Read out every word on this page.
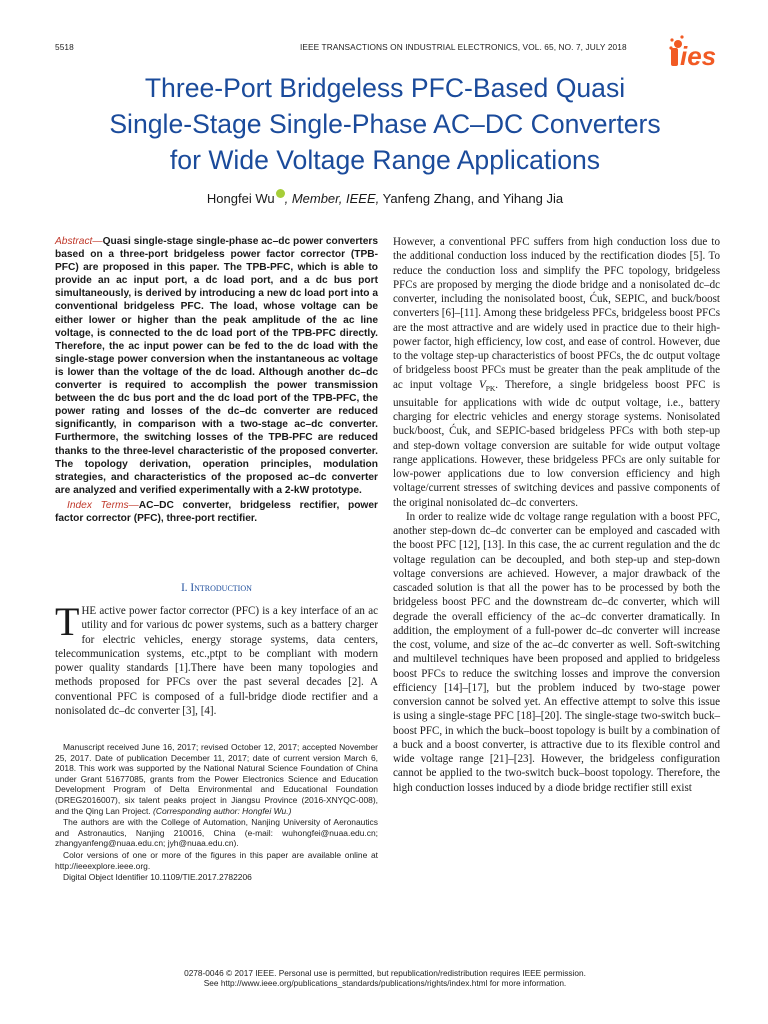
5518	IEEE TRANSACTIONS ON INDUSTRIAL ELECTRONICS, VOL. 65, NO. 7, JULY 2018 ies
Three-Port Bridgeless PFC-Based Quasi
Single-Stage Single-Phase AC–DC Converters
for Wide Voltage Range Applications
Hongfei Wu , Member, IEEE, Yanfeng Zhang, and Yihang Jia

Abstract—Quasi single-stage single-phase ac–dc power converters based on a three-port bridgeless power factor corrector (TPB-PFC) are proposed in this paper. The TPB-PFC, which is able to provide an ac input port, a dc load port, and a dc bus port simultaneously, is derived by introducing a new dc load port into a conventional bridgeless PFC. The load, whose voltage can be either lower or higher than the peak amplitude of the ac line voltage, is connected to the dc load port of the TPB-PFC directly. Therefore, the ac input power can be fed to the dc load with the single-stage power conversion when the instantaneous ac voltage is lower than the voltage of the dc load. Although another dc–dc converter is required to accomplish the power transmission between the dc bus port and the dc load port of the TPB-PFC, the power rating and losses of the dc–dc converter are reduced significantly, in comparison with a two-stage ac–dc converter. Furthermore, the switching losses of the TPB-PFC are reduced thanks to the three-level characteristic of the proposed converter. The topology derivation, operation principles, modulation strategies, and characteristics of the proposed ac–dc converter are analyzed and verified experimentally with a 2-kW prototype.

Index Terms—AC–DC converter, bridgeless rectifier, power factor corrector (PFC), three-port rectifier.

I. Introduction

THE active power factor corrector (PFC) is a key interface of an ac utility and for various dc power systems, such as a battery charger for electric vehicles, energy storage systems, data centers, telecommunication systems, etc.,ptpt to be compliant with modern power quality standards [1].There have been many topologies and methods proposed for PFCs over the past several decades [2]. A conventional PFC is composed of a full-bridge diode rectifier and a nonisolated dc–dc converter [3], [4].

Manuscript received June 16, 2017; revised October 12, 2017; accepted November 25, 2017. Date of publication December 11, 2017; date of current version March 6, 2018. This work was supported by the National Natural Science Foundation of China under Grant 51677085, grants from the Power Electronics Science and Education Development Program of Delta Environmental and Educational Foundation (DREG2016007), six talent peaks project in Jiangsu Province (2016-XNYQC-008), and the Qing Lan Project. (Corresponding author: Hongfei Wu.)

The authors are with the College of Automation, Nanjing University of Aeronautics and Astronautics, Nanjing 210016, China (e-mail: wuhongfei@nuaa.edu.cn; zhangyanfeng@nuaa.edu.cn; jyh@nuaa.edu.cn).

Color versions of one or more of the figures in this paper are available online at http://ieeexplore.ieee.org.

Digital Object Identifier 10.1109/TIE.2017.2782206

However, a conventional PFC suffers from high conduction loss due to the additional conduction loss induced by the rectification diodes [5]. To reduce the conduction loss and simplify the PFC topology, bridgeless PFCs are proposed by merging the diode bridge and a nonisolated dc–dc converter, including the nonisolated boost, Ćuk, SEPIC, and buck/boost converters [6]–[11]. Among these bridgeless PFCs, bridgeless boost PFCs are the most attractive and are widely used in practice due to their high-power factor, high efficiency, low cost, and ease of control. However, due to the voltage step-up characteristics of boost PFCs, the dc output voltage of bridgeless boost PFCs must be greater than the peak amplitude of the ac input voltage $V_{PK}$. Therefore, a single bridgeless boost PFC is unsuitable for applications with wide dc output voltage, i.e., battery charging for electric vehicles and energy storage systems. Nonisolated buck/boost, Ćuk, and SEPIC-based bridgeless PFCs with both step-up and step-down voltage conversion are suitable for wide output voltage range applications. However, these bridgeless PFCs are only suitable for low-power applications due to low conversion efficiency and high voltage/current stresses of switching devices and passive components of the original nonisolated dc–dc converters.

In order to realize wide dc voltage range regulation with a boost PFC, another step-down dc–dc converter can be employed and cascaded with the boost PFC [12], [13]. In this case, the ac current regulation and the dc voltage regulation can be decoupled, and both step-up and step-down voltage conversions are achieved. However, a major drawback of the cascaded solution is that all the power has to be processed by both the bridgeless boost PFC and the downstream dc–dc converter, which will degrade the overall efficiency of the ac–dc converter dramatically. In addition, the employment of a full-power dc–dc converter will increase the cost, volume, and size of the ac–dc converter as well. Soft-switching and multilevel techniques have been proposed and applied to bridgeless boost PFCs to reduce the switching losses and improve the conversion efficiency [14]–[17], but the problem induced by two-stage power conversion cannot be solved yet. An effective attempt to solve this issue is using a single-stage PFC [18]–[20]. The single-stage two-switch buck–boost PFC, in which the buck–boost topology is built by a combination of a buck and a boost converter, is attractive due to its flexible control and wide voltage range [21]–[23]. However, the bridgeless configuration cannot be applied to the two-switch buck–boost topology. Therefore, the high conduction losses induced by a diode bridge rectifier still exist

0278-0046 © 2017 IEEE. Personal use is permitted, but republication/redistribution requires IEEE permission.
See http://www.ieee.org/publications_standards/publications/rights/index.html for more information.
